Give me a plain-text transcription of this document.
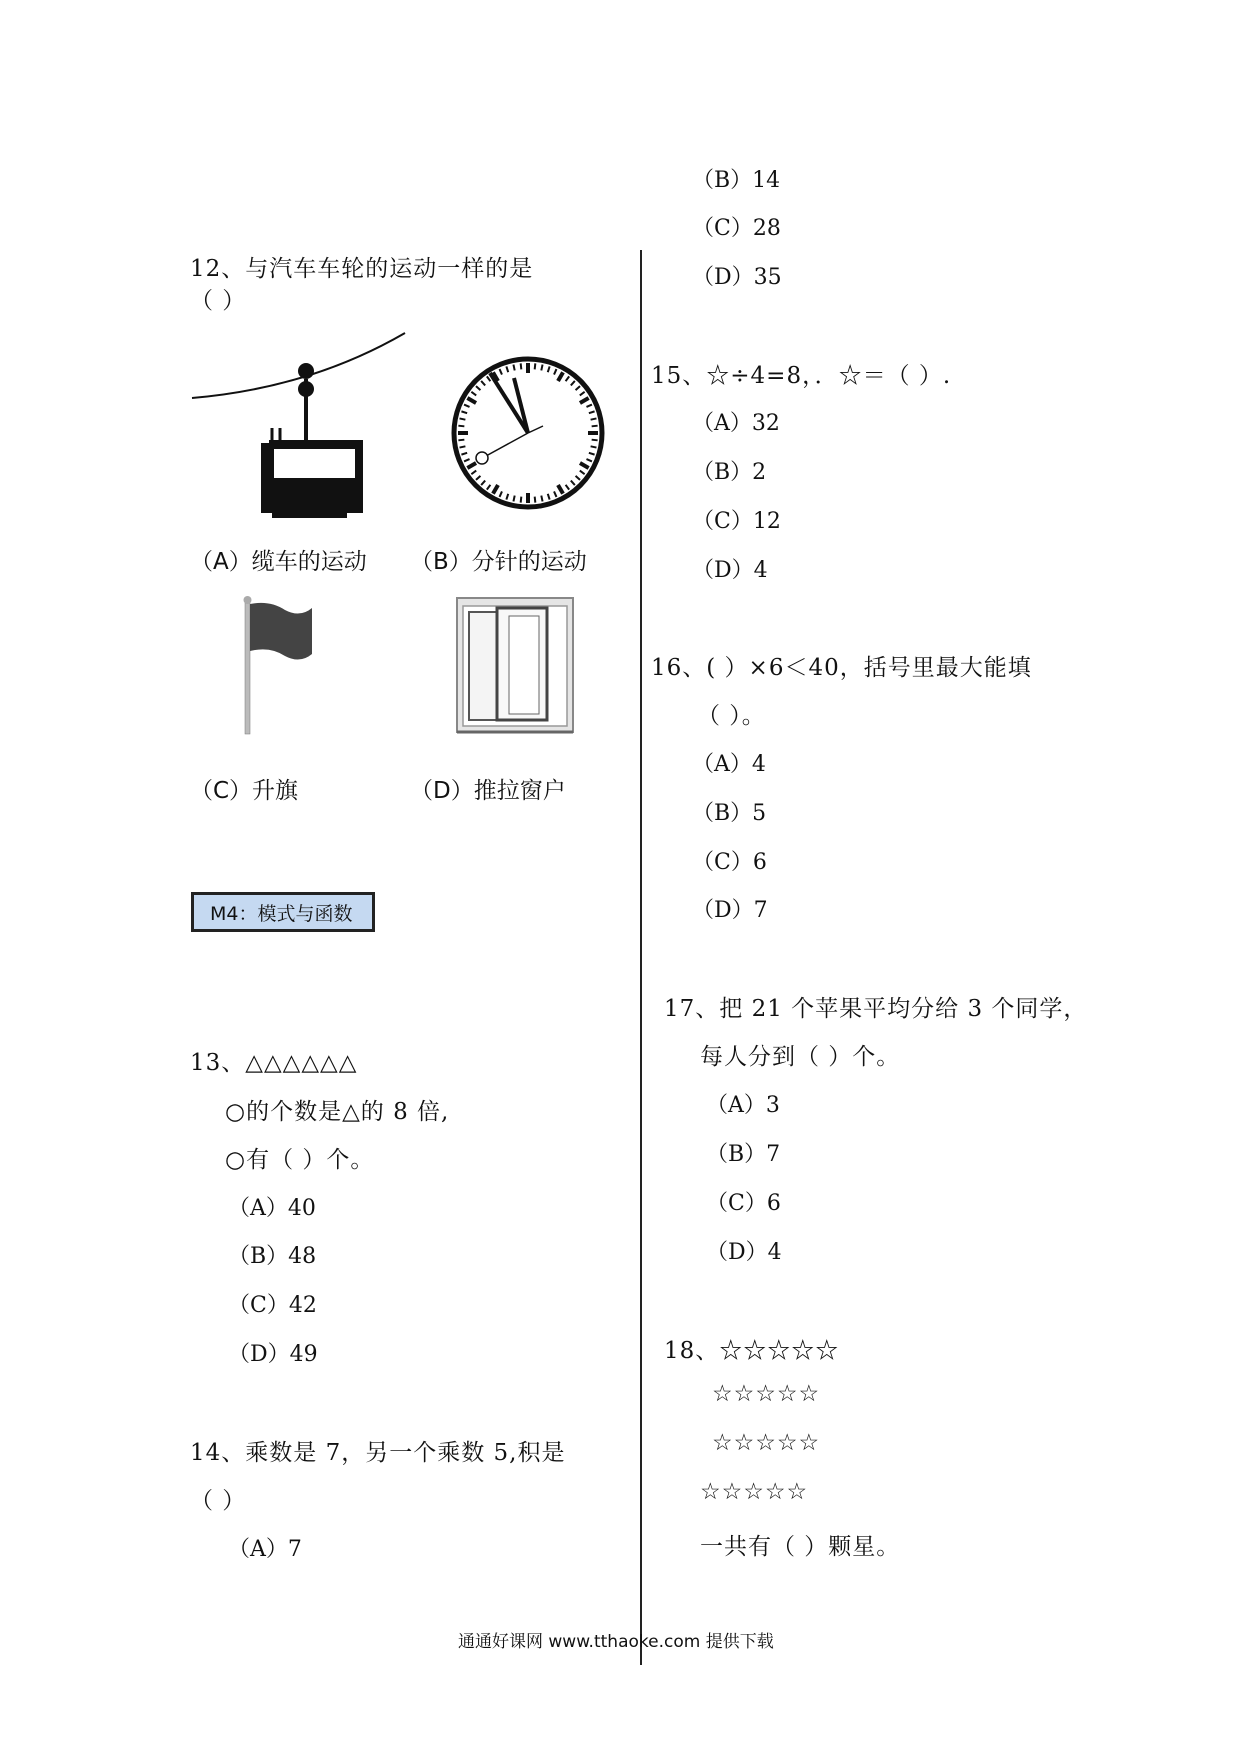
12、与汽车车轮的运动一样的是
（ ）
（A）缆车的运动 （B）分针的运动
（C）升旗	（D）推拉窗户
M4：模式与函数
13、△△△△△△
○的个数是△的 8 倍,
○有（ ）个。
（A）40
（B）48
（C）42
（D）49
14、乘数是 7，另一个乘数 5,积是
（ ）
（A）7
（B）14
（C）28
（D）35
15、☆÷4=8，．☆＝（ ）.
（A）32
（B）2
（C）12
（D）4
16、( ）×6＜40，括号里最大能填
（ ）。
（A）4
（B）5
（C）6
（D）7
17、把 21 个苹果平均分给 3 个同学，
每人分到（ ）个。
（A）3
（B）7
（C）6
（D）4
18、☆☆☆☆☆
☆☆☆☆☆
☆☆☆☆☆
☆☆☆☆☆
一共有（ ）颗星。
通通好课网 www.tthaoke.com 提供下载
